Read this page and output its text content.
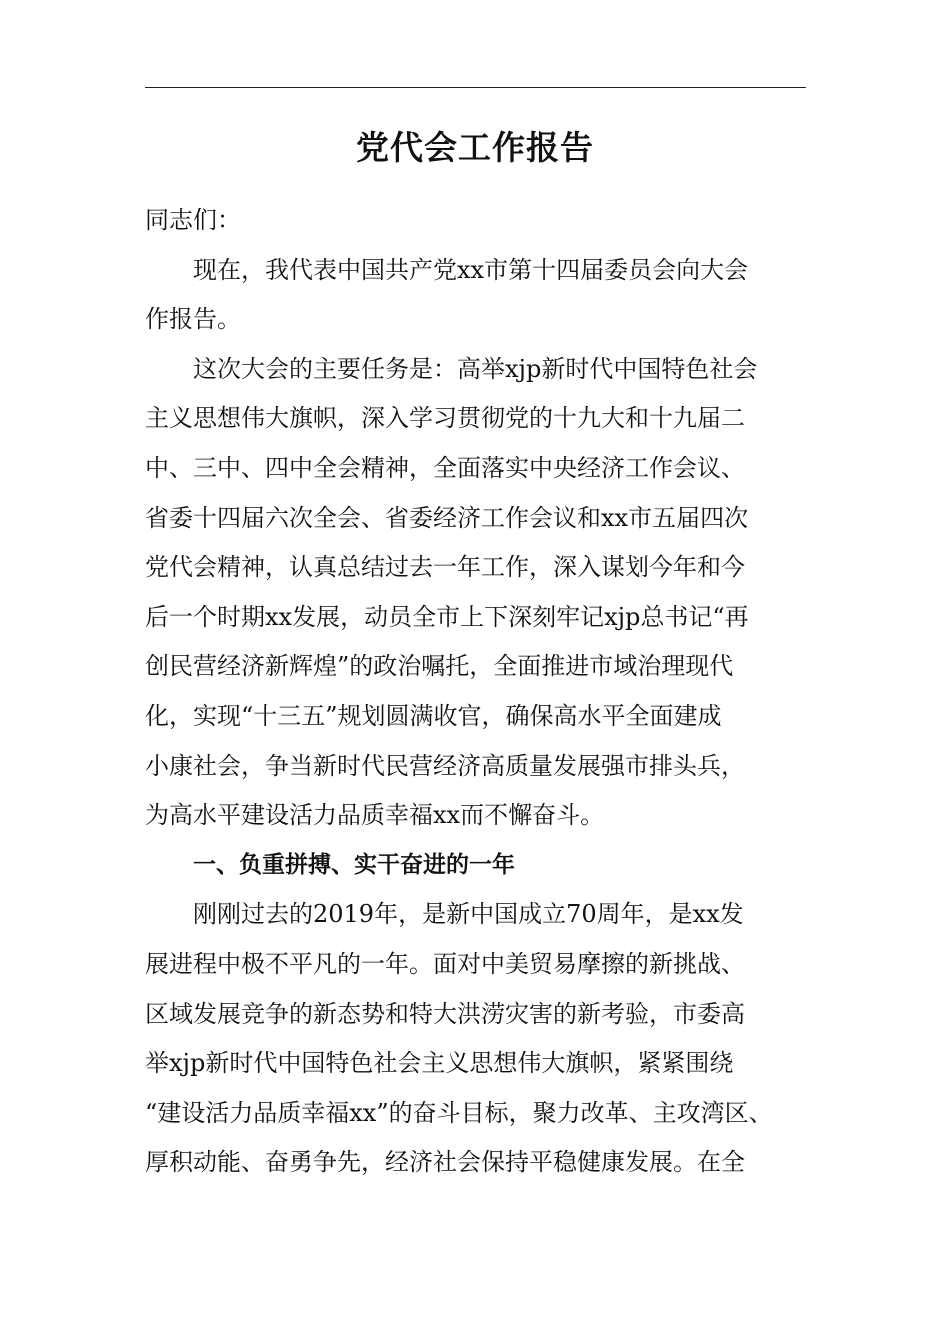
党代会工作报告
同志们：
现在，我代表中国共产党xx市第十四届委员会向大会
作报告。
这次大会的主要任务是：高举xjp新时代中国特色社会
主义思想伟大旗帜，深入学习贯彻党的十九大和十九届二
中、三中、四中全会精神，全面落实中央经济工作会议、
省委十四届六次全会、省委经济工作会议和xx市五届四次
党代会精神，认真总结过去一年工作，深入谋划今年和今
后一个时期xx发展，动员全市上下深刻牢记xjp总书记“再
创民营经济新辉煌”的政治嘱托，全面推进市域治理现代
化，实现“十三五”规划圆满收官，确保高水平全面建成
小康社会，争当新时代民营经济高质量发展强市排头兵，
为高水平建设活力品质幸福xx而不懈奋斗。
一、负重拼搏、实干奋进的一年
刚刚过去的2019年，是新中国成立70周年，是xx发
展进程中极不平凡的一年。面对中美贸易摩擦的新挑战、
区域发展竞争的新态势和特大洪涝灾害的新考验，市委高
举xjp新时代中国特色社会主义思想伟大旗帜，紧紧围绕
“建设活力品质幸福xx”的奋斗目标，聚力改革、主攻湾区、
厚积动能、奋勇争先，经济社会保持平稳健康发展。在全
